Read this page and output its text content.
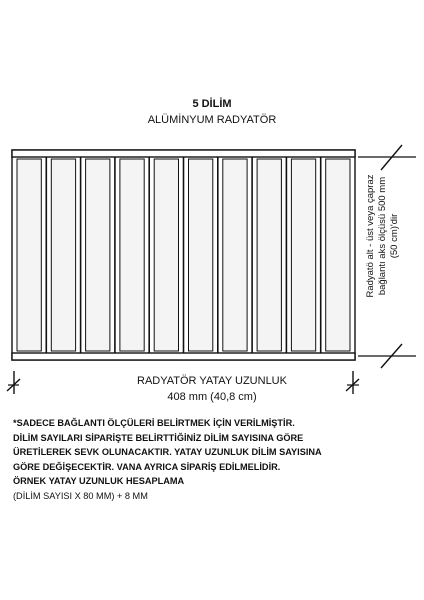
5 DİLİM
ALÜMİNYUM RADYATÖR
Radyatö alt - üst veya çapraz bağlantı aks ölçüsü 500 mm (50 cm)'dir
RADYATÖR YATAY UZUNLUK
408 mm (40,8 cm)
*SADECE BAĞLANTI ÖLÇÜLERİ BELİRTMEK İÇİN VERİLMİŞTİR.
DİLİM SAYILARI SİPARİŞTE BELİRTTİĞİNİZ DİLİM SAYISINA GÖRE
ÜRETİLEREK SEVK OLUNACAKTIR. YATAY UZUNLUK DİLİM SAYISINA
GÖRE DEĞİŞECEKTİR. VANA AYRICA SİPARİŞ EDİLMELİDİR.
ÖRNEK YATAY UZUNLUK HESAPLAMA
(DİLİM SAYISI X 80 MM) + 8 MM
